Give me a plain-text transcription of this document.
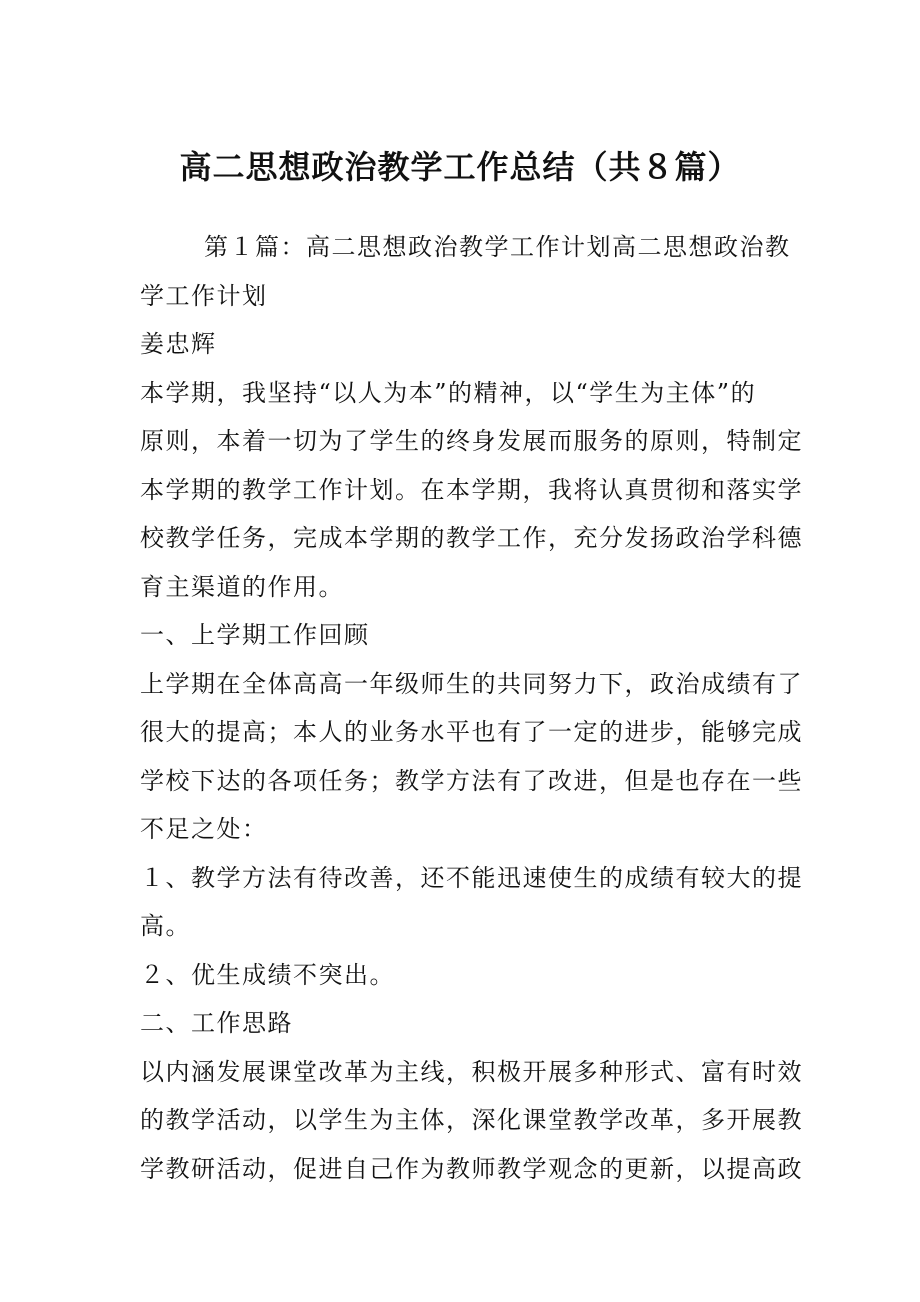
高二思想政治教学工作总结（共８篇）
第１篇：高二思想政治教学工作计划高二思想政治教
学工作计划
姜忠辉
本学期，我坚持“以人为本”的精神，以“学生为主体”的
原则，本着一切为了学生的终身发展而服务的原则，特制定
本学期的教学工作计划。在本学期，我将认真贯彻和落实学
校教学任务，完成本学期的教学工作，充分发扬政治学科德
育主渠道的作用。
一、上学期工作回顾
上学期在全体高高一年级师生的共同努力下，政治成绩有了
很大的提高；本人的业务水平也有了一定的进步，能够完成
学校下达的各项任务；教学方法有了改进，但是也存在一些
不足之处：
１、教学方法有待改善，还不能迅速使生的成绩有较大的提
高。
２、优生成绩不突出。
二、工作思路
以内涵发展课堂改革为主线，积极开展多种形式、富有时效
的教学活动，以学生为主体，深化课堂教学改革，多开展教
学教研活动，促进自己作为教师教学观念的更新，以提高政
